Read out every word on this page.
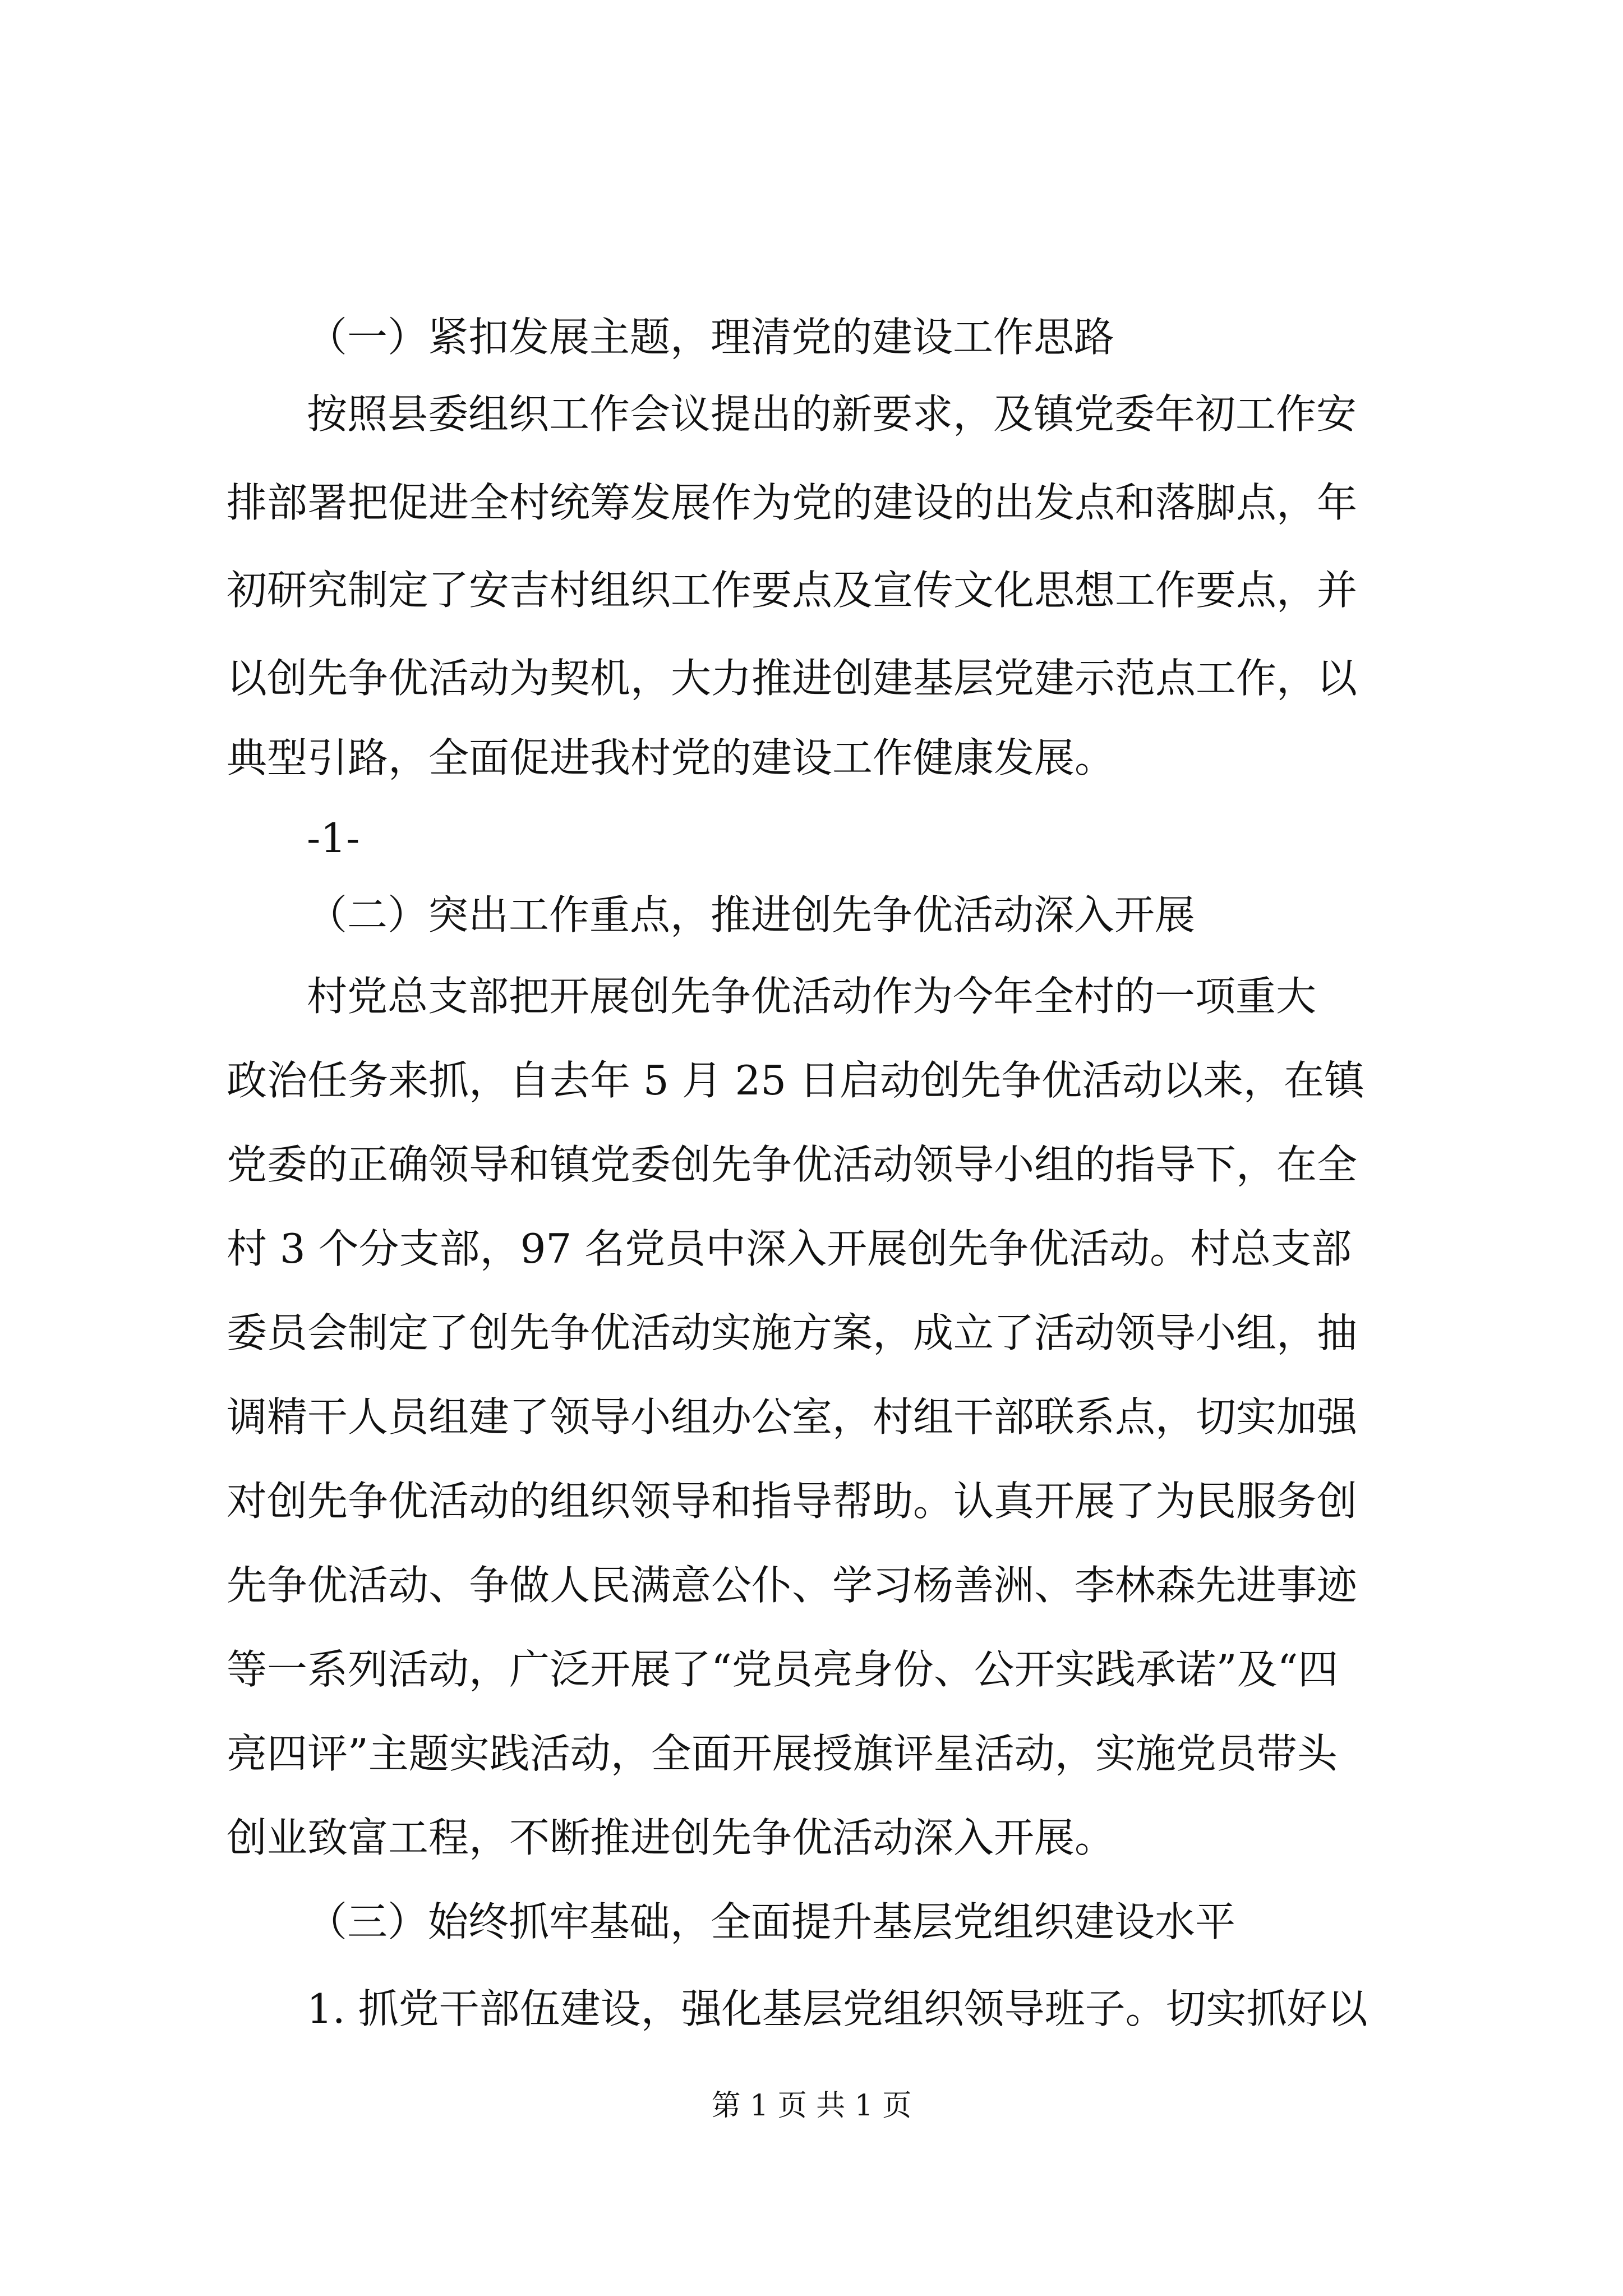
（一）紧扣发展主题，理清党的建设工作思路

按照县委组织工作会议提出的新要求，及镇党委年初工作安

排部署把促进全村统筹发展作为党的建设的出发点和落脚点，年

初研究制定了安吉村组织工作要点及宣传文化思想工作要点，并

以创先争优活动为契机，大力推进创建基层党建示范点工作，以

典型引路，全面促进我村党的建设工作健康发展。

-1-

（二）突出工作重点，推进创先争优活动深入开展

村党总支部把开展创先争优活动作为今年全村的一项重大

政治任务来抓，自去年 5 月 25 日启动创先争优活动以来，在镇

党委的正确领导和镇党委创先争优活动领导小组的指导下，在全

村 3 个分支部，97 名党员中深入开展创先争优活动。村总支部

委员会制定了创先争优活动实施方案，成立了活动领导小组，抽

调精干人员组建了领导小组办公室，村组干部联系点，切实加强

对创先争优活动的组织领导和指导帮助。认真开展了为民服务创

先争优活动、争做人民满意公仆、学习杨善洲、李林森先进事迹

等一系列活动，广泛开展了“党员亮身份、公开实践承诺”及“四

亮四评”主题实践活动，全面开展授旗评星活动，实施党员带头

创业致富工程，不断推进创先争优活动深入开展。

（三）始终抓牢基础，全面提升基层党组织建设水平

1. 抓党干部伍建设，强化基层党组织领导班子。切实抓好以

第 1 页 共 1 页
